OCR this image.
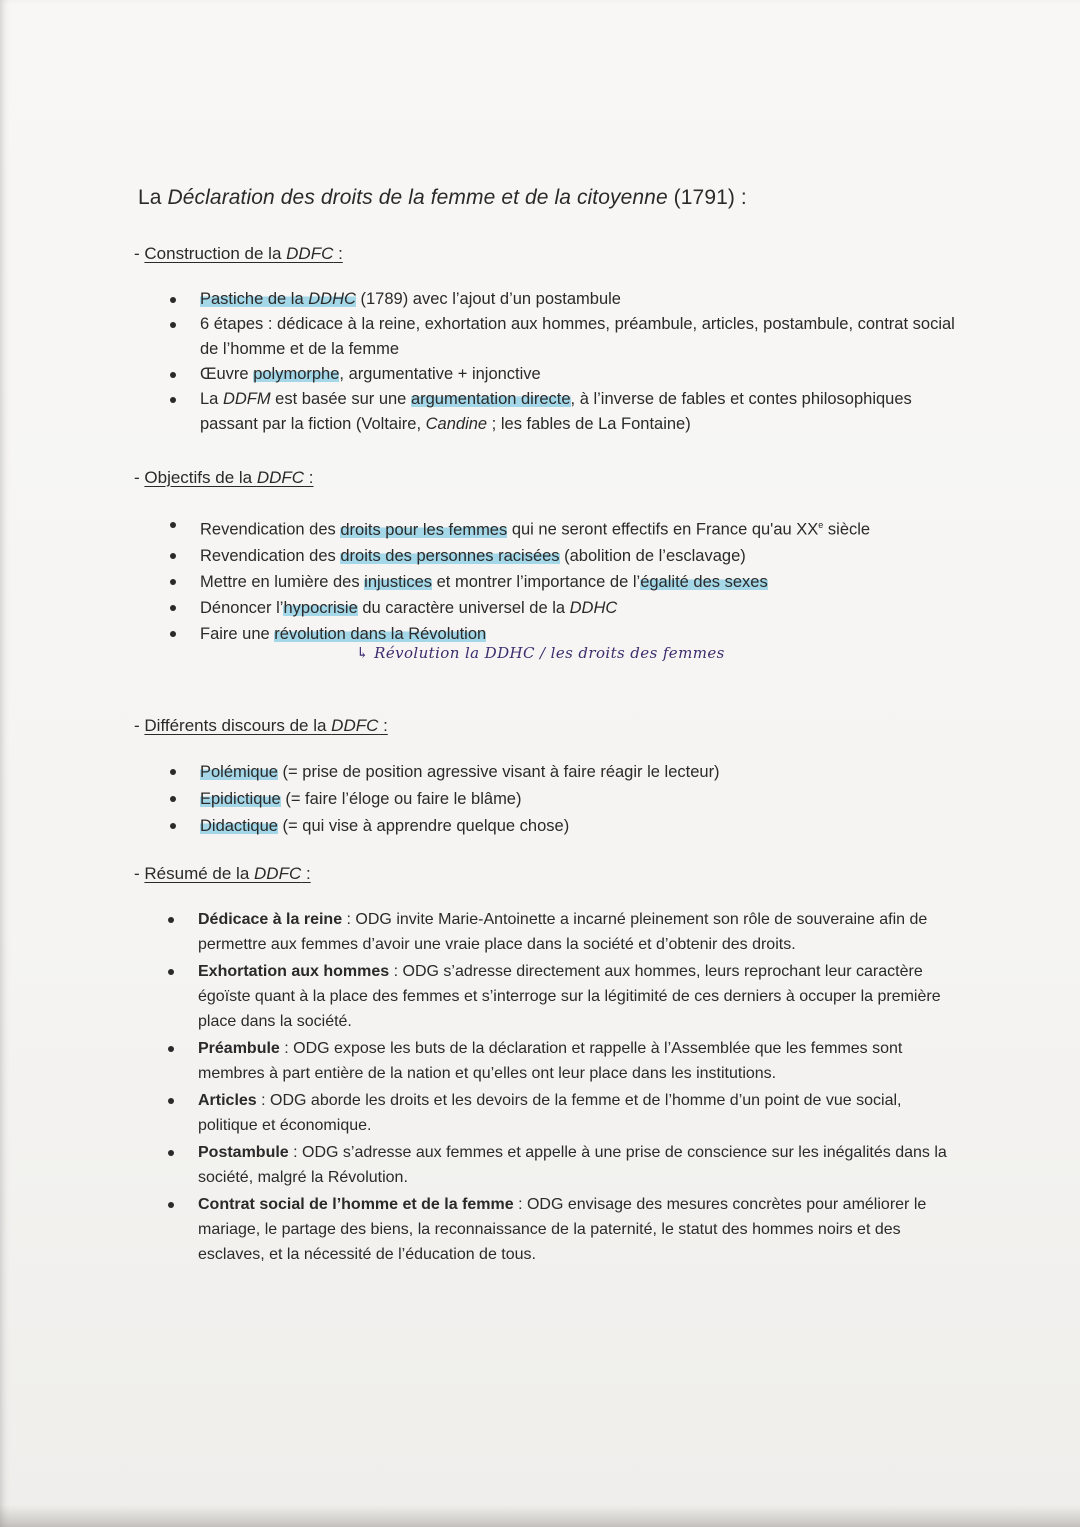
La Déclaration des droits de la femme et de la citoyenne (1791) :
- Construction de la DDFC :
Pastiche de la DDHC (1789) avec l’ajout d’un postambule
6 étapes : dédicace à la reine, exhortation aux hommes, préambule, articles, postambule, contrat social de l’homme et de la femme
Œuvre polymorphe, argumentative + injonctive
La DDFM est basée sur une argumentation directe, à l’inverse de fables et contes philosophiques passant par la fiction (Voltaire, Candine ; les fables de La Fontaine)
- Objectifs de la DDFC :
Revendication des droits pour les femmes qui ne seront effectifs en France qu'au XXe siècle
Revendication des droits des personnes racisées (abolition de l’esclavage)
Mettre en lumière des injustices et montrer l’importance de l’égalité des sexes
Dénoncer l’hypocrisie du caractère universel de la DDHC
Faire une révolution dans la Révolution

↳ Révolution la DDHC / les droits des femmes

- Différents discours de la DDFC :
Polémique (= prise de position agressive visant à faire réagir le lecteur)
Epidictique (= faire l’éloge ou faire le blâme)
Didactique (= qui vise à apprendre quelque chose)
- Résumé de la DDFC :
Dédicace à la reine : ODG invite Marie-Antoinette a incarné pleinement son rôle de souveraine afin de permettre aux femmes d’avoir une vraie place dans la société et d’obtenir des droits.
Exhortation aux hommes : ODG s’adresse directement aux hommes, leurs reprochant leur caractère égoïste quant à la place des femmes et s’interroge sur la légitimité de ces derniers à occuper la première place dans la société.
Préambule : ODG expose les buts de la déclaration et rappelle à l’Assemblée que les femmes sont membres à part entière de la nation et qu’elles ont leur place dans les institutions.
Articles : ODG aborde les droits et les devoirs de la femme et de l’homme d’un point de vue social, politique et économique.
Postambule : ODG s’adresse aux femmes et appelle à une prise de conscience sur les inégalités dans la société, malgré la Révolution.
Contrat social de l’homme et de la femme : ODG envisage des mesures concrètes pour améliorer le mariage, le partage des biens, la reconnaissance de la paternité, le statut des hommes noirs et des esclaves, et la nécessité de l’éducation de tous.
